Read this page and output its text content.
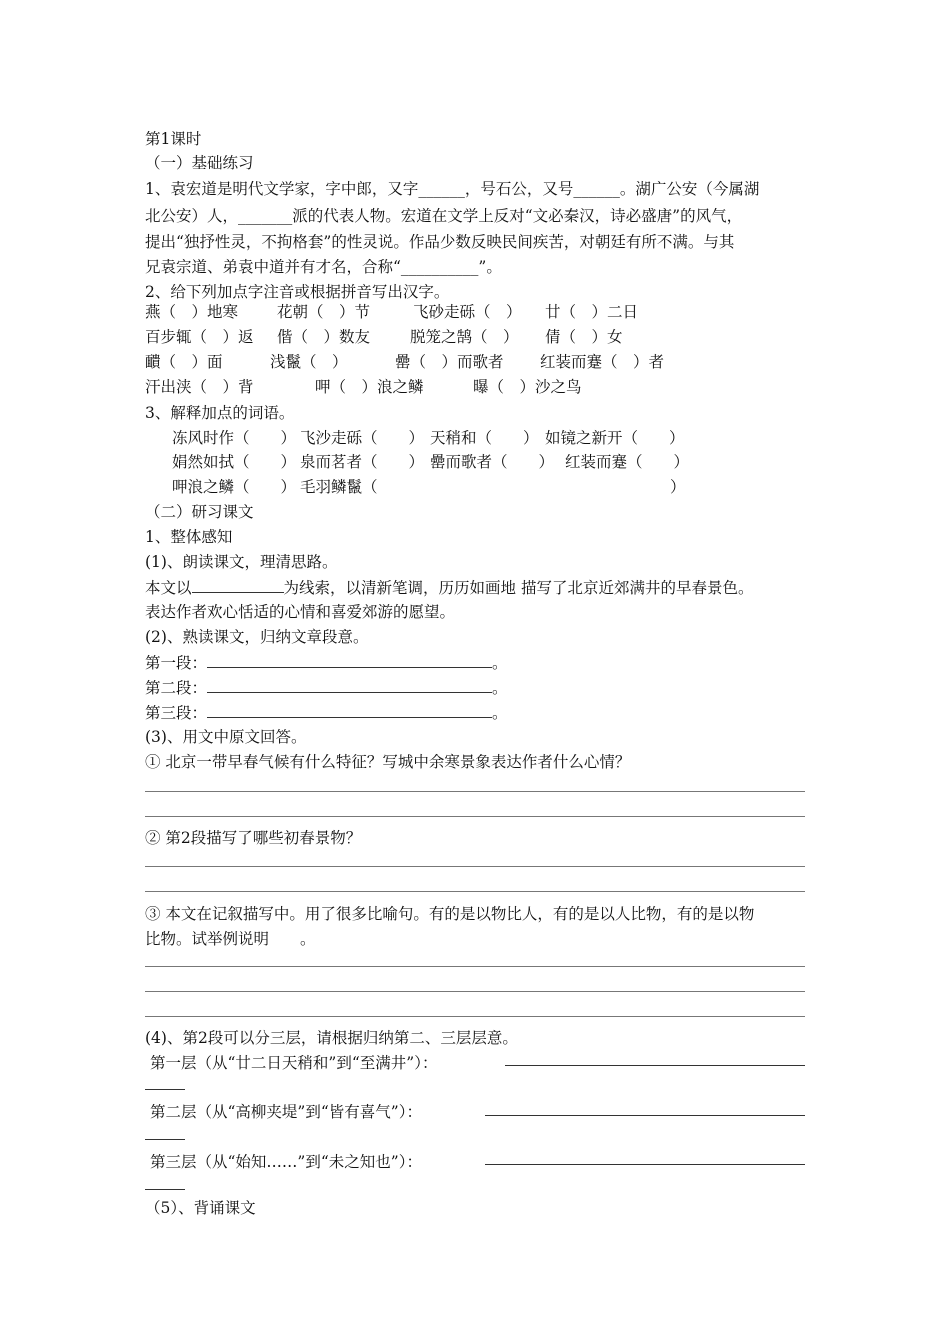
第1课时
（一）基础练习
1、袁宏道是明代文学家，字中郎，又字______，号石公，又号______。湖广公安（今属湖
北公安）人，_______派的代表人物。宏道在文学上反对“文必秦汉，诗必盛唐”的风气，
提出“独抒性灵，不拘格套”的性灵说。作品少数反映民间疾苦，对朝廷有所不满。与其
兄袁宗道、弟袁中道并有才名，合称“__________”。
2、给下列加点字注音或根据拼音写出汉字。
燕（　）地寒	花朝（　）节	飞砂走砾（　） 廿（　）二日
百步辄（　）返 偕（　）数友	脱笼之鹄（　） 倩（　）女
靧（　）面	浅鬣（　）	罍（　）而歌者 红装而蹇（　）者
汗出浃（　）背	呷（　）浪之鳞	曝（　）沙之鸟
3、解释加点的词语。
冻风时作（　　） 飞沙走砾（　　） 天稍和（　　） 如镜之新开（　　）
娟然如拭（　　） 泉而茗者（　　） 罍而歌者（　　） 红装而蹇（　　）
呷浪之鳞（　　） 毛羽鳞鬣（	）
（二）研习课文
1、整体感知
(1)、朗读课文，理清思路。
本文以	为线索，以清新笔调，历历如画地 描写了北京近郊满井的早春景色。
表达作者欢心恬适的心情和喜爱郊游的愿望。
(2)、熟读课文，归纳文章段意。
第一段：	。
第二段：	。
第三段：	。
(3)、用文中原文回答。
① 北京一带早春气候有什么特征？写城中余寒景象表达作者什么心情？
② 第2段描写了哪些初春景物？
③ 本文在记叙描写中。用了很多比喻句。有的是以物比人，有的是以人比物，有的是以物
比物。试举例说明　　。
(4)、第2段可以分三层，请根据归纳第二、三层层意。
第一层（从“廿二日天稍和”到“至满井”）：
第二层（从“高柳夹堤”到“皆有喜气”）：
第三层（从“始知……”到“未之知也”）：
（5）、背诵课文
